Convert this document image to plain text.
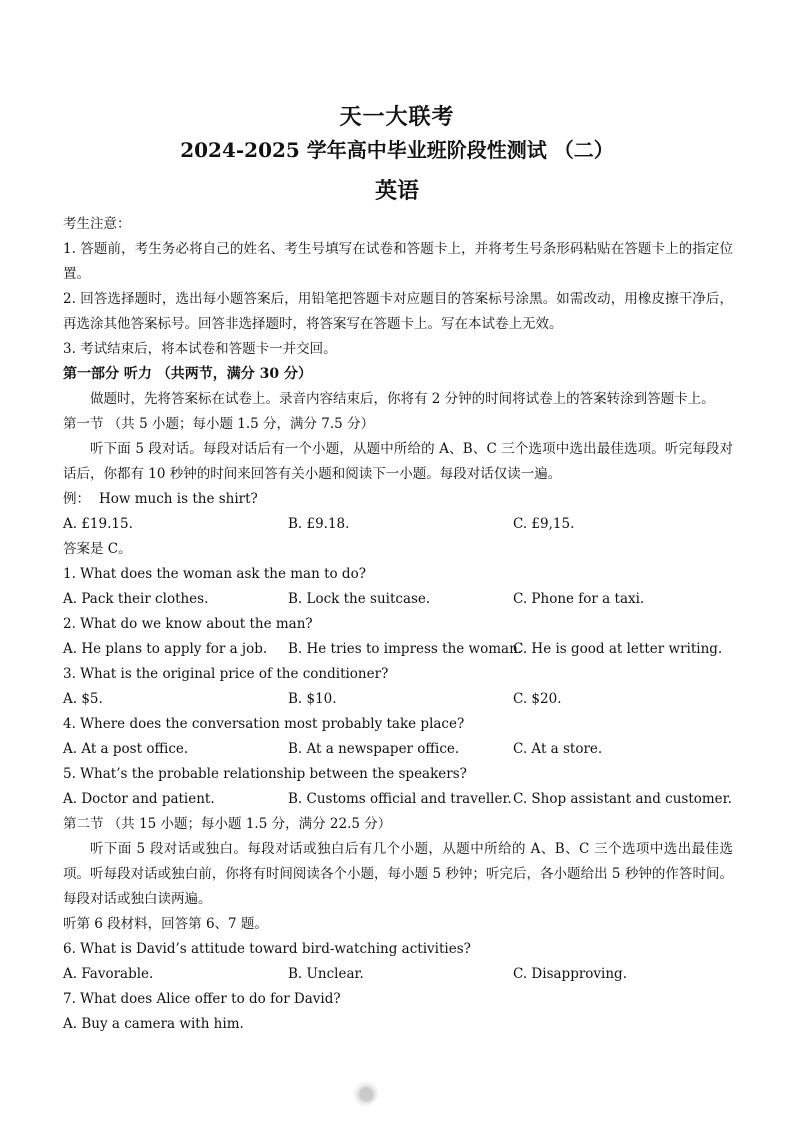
天一大联考
2024-2025 学年高中毕业班阶段性测试 （二）
英语
考生注意：
1. 答题前，考生务必将自己的姓名、考生号填写在试卷和答题卡上，并将考生号条形码粘贴在答题卡上的指定位置。
2. 回答选择题时，选出每小题答案后，用铅笔把答题卡对应题目的答案标号涂黑。如需改动，用橡皮擦干净后，再选涂其他答案标号。回答非选择题时，将答案写在答题卡上。写在本试卷上无效。
3. 考试结束后，将本试卷和答题卡一并交回。
第一部分 听力 （共两节，满分 30 分）
做题时，先将答案标在试卷上。录音内容结束后，你将有 2 分钟的时间将试卷上的答案转涂到答题卡上。
第一节 （共 5 小题；每小题 1.5 分，满分 7.5 分）
听下面 5 段对话。每段对话后有一个小题，从题中所给的 A、B、C 三个选项中选出最佳选项。听完每段对话后，你都有 10 秒钟的时间来回答有关小题和阅读下一小题。每段对话仅读一遍。
例： How much is the shirt?
A. £19.15.	B. £9.18.	C. £9,15.
答案是 C。
1. What does the woman ask the man to do?
A. Pack their clothes.	B. Lock the suitcase.	C. Phone for a taxi.
2. What do we know about the man?
A. He plans to apply for a job.	B. He tries to impress the woman.
C. He is good at letter writing.
3. What is the original price of the conditioner?
A. $5.	B. $10.	C. $20.
4. Where does the conversation most probably take place?
A. At a post office.	B. At a newspaper office.	C. At a store.
5. What’s the probable relationship between the speakers?
A. Doctor and patient.	B. Customs official and traveller. C. Shop assistant and customer.
第二节 （共 15 小题；每小题 1.5 分，满分 22.5 分）
听下面 5 段对话或独白。每段对话或独白后有几个小题，从题中所给的 A、B、C 三个选项中选出最佳选项。听每段对话或独白前，你将有时间阅读各个小题，每小题 5 秒钟；听完后，各小题给出 5 秒钟的作答时间。每段对话或独白读两遍。
听第 6 段材料，回答第 6、7 题。
6. What is David’s attitude toward bird-watching activities?
A. Favorable.	B. Unclear.	C. Disapproving.
7. What does Alice offer to do for David?
A. Buy a camera with him.
